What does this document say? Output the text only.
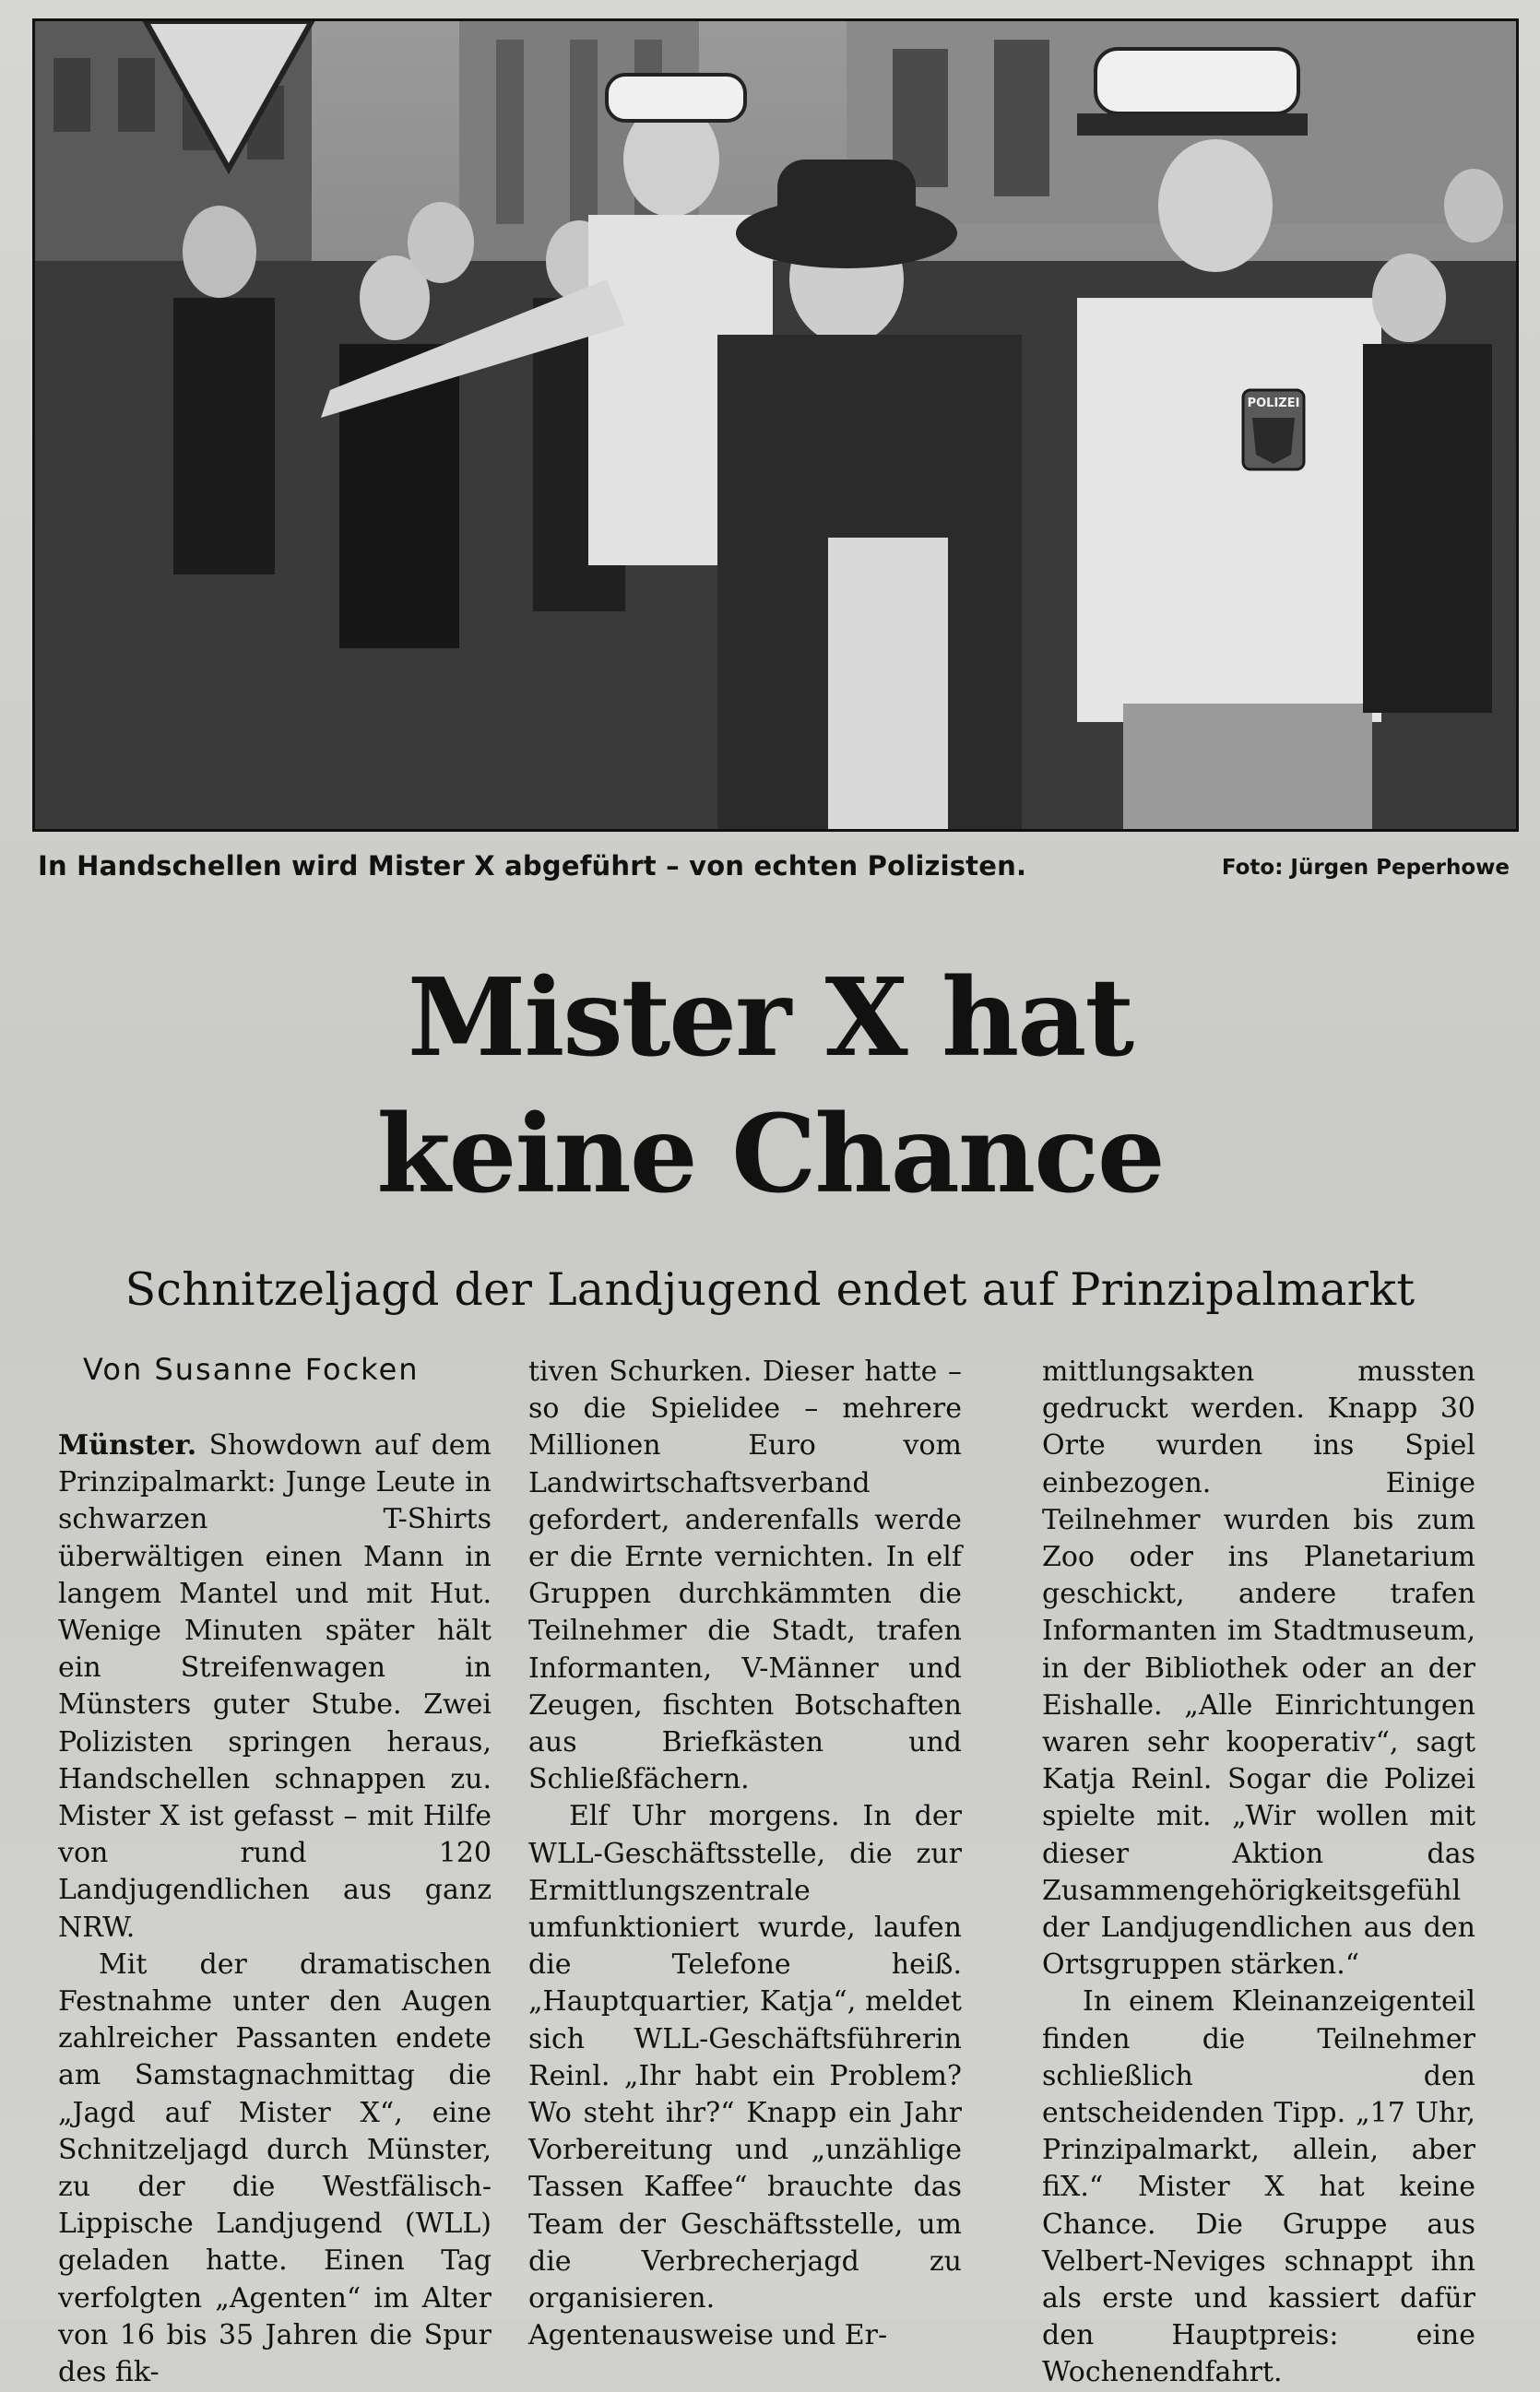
POLIZEI
In Handschellen wird Mister X abgeführt – von echten Polizisten.	Foto: Jürgen Peperhowe
Mister X hat
keine Chance
Schnitzeljagd der Landjugend endet auf Prinzipalmarkt
Von Susanne Focken

Münster. Showdown auf dem Prinzipalmarkt: Junge Leute in schwarzen T-Shirts überwältigen einen Mann in langem Mantel und mit Hut. Wenige Minuten später hält ein Streifenwagen in Münsters guter Stube. Zwei Polizisten springen heraus, Handschellen schnappen zu. Mister X ist gefasst – mit Hilfe von rund 120 Landjugendlichen aus ganz NRW.

Mit der dramatischen Festnahme unter den Augen zahlreicher Passanten endete am Samstagnachmittag die „Jagd auf Mister X“, eine Schnitzeljagd durch Münster, zu der die Westfälisch-Lippische Landjugend (WLL) geladen hatte. Einen Tag verfolgten „Agenten“ im Alter von 16 bis 35 Jahren die Spur des fik-

tiven Schurken. Dieser hatte – so die Spielidee – mehrere Millionen Euro vom Landwirtschaftsverband gefordert, anderenfalls werde er die Ernte vernichten. In elf Gruppen durchkämmten die Teilnehmer die Stadt, trafen Informanten, V-Männer und Zeugen, fischten Botschaften aus Briefkästen und Schließfächern.

Elf Uhr morgens. In der WLL-Geschäftsstelle, die zur Ermittlungszentrale umfunktioniert wurde, laufen die Telefone heiß. „Hauptquartier, Katja“, meldet sich WLL-Geschäftsführerin Reinl. „Ihr habt ein Problem? Wo steht ihr?“ Knapp ein Jahr Vorbereitung und „unzählige Tassen Kaffee“ brauchte das Team der Geschäftsstelle, um die Verbrecherjagd zu organisieren. Agentenausweise und Er-

mittlungsakten mussten gedruckt werden. Knapp 30 Orte wurden ins Spiel einbezogen. Einige Teilnehmer wurden bis zum Zoo oder ins Planetarium geschickt, andere trafen Informanten im Stadtmuseum, in der Bibliothek oder an der Eishalle. „Alle Einrichtungen waren sehr kooperativ“, sagt Katja Reinl. Sogar die Polizei spielte mit. „Wir wollen mit dieser Aktion das Zusammengehörigkeitsgefühl der Landjugendlichen aus den Ortsgruppen stärken.“

In einem Kleinanzeigenteil finden die Teilnehmer schließlich den entscheidenden Tipp. „17 Uhr, Prinzipalmarkt, allein, aber fiX.“ Mister X hat keine Chance. Die Gruppe aus Velbert-Neviges schnappt ihn als erste und kassiert dafür den Hauptpreis: eine Wochenendfahrt.
